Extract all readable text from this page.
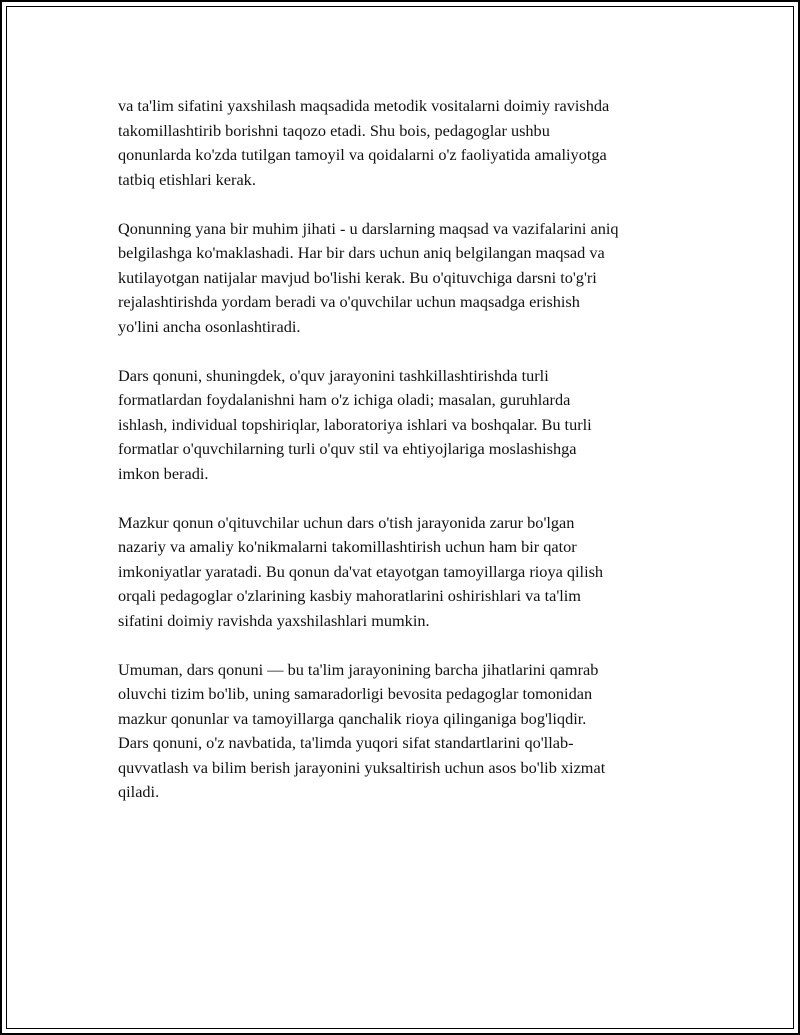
va ta'lim sifatini yaxshilash maqsadida metodik vositalarni doimiy ravishda
takomillashtirib borishni taqozo etadi. Shu bois, pedagoglar ushbu
qonunlarda ko'zda tutilgan tamoyil va qoidalarni o'z faoliyatida amaliyotga
tatbiq etishlari kerak.

Qonunning yana bir muhim jihati - u darslarning maqsad va vazifalarini aniq
belgilashga ko'maklashadi. Har bir dars uchun aniq belgilangan maqsad va
kutilayotgan natijalar mavjud bo'lishi kerak. Bu o'qituvchiga darsni to'g'ri
rejalashtirishda yordam beradi va o'quvchilar uchun maqsadga erishish
yo'lini ancha osonlashtiradi.

Dars qonuni, shuningdek, o'quv jarayonini tashkillashtirishda turli
formatlardan foydalanishni ham o'z ichiga oladi; masalan, guruhlarda
ishlash, individual topshiriqlar, laboratoriya ishlari va boshqalar. Bu turli
formatlar o'quvchilarning turli o'quv stil va ehtiyojlariga moslashishga
imkon beradi.

Mazkur qonun o'qituvchilar uchun dars o'tish jarayonida zarur bo'lgan
nazariy va amaliy ko'nikmalarni takomillashtirish uchun ham bir qator
imkoniyatlar yaratadi. Bu qonun da'vat etayotgan tamoyillarga rioya qilish
orqali pedagoglar o'zlarining kasbiy mahoratlarini oshirishlari va ta'lim
sifatini doimiy ravishda yaxshilashlari mumkin.

Umuman, dars qonuni — bu ta'lim jarayonining barcha jihatlarini qamrab
oluvchi tizim bo'lib, uning samaradorligi bevosita pedagoglar tomonidan
mazkur qonunlar va tamoyillarga qanchalik rioya qilinganiga bog'liqdir.
Dars qonuni, o'z navbatida, ta'limda yuqori sifat standartlarini qo'llab-
quvvatlash va bilim berish jarayonini yuksaltirish uchun asos bo'lib xizmat
qiladi.
